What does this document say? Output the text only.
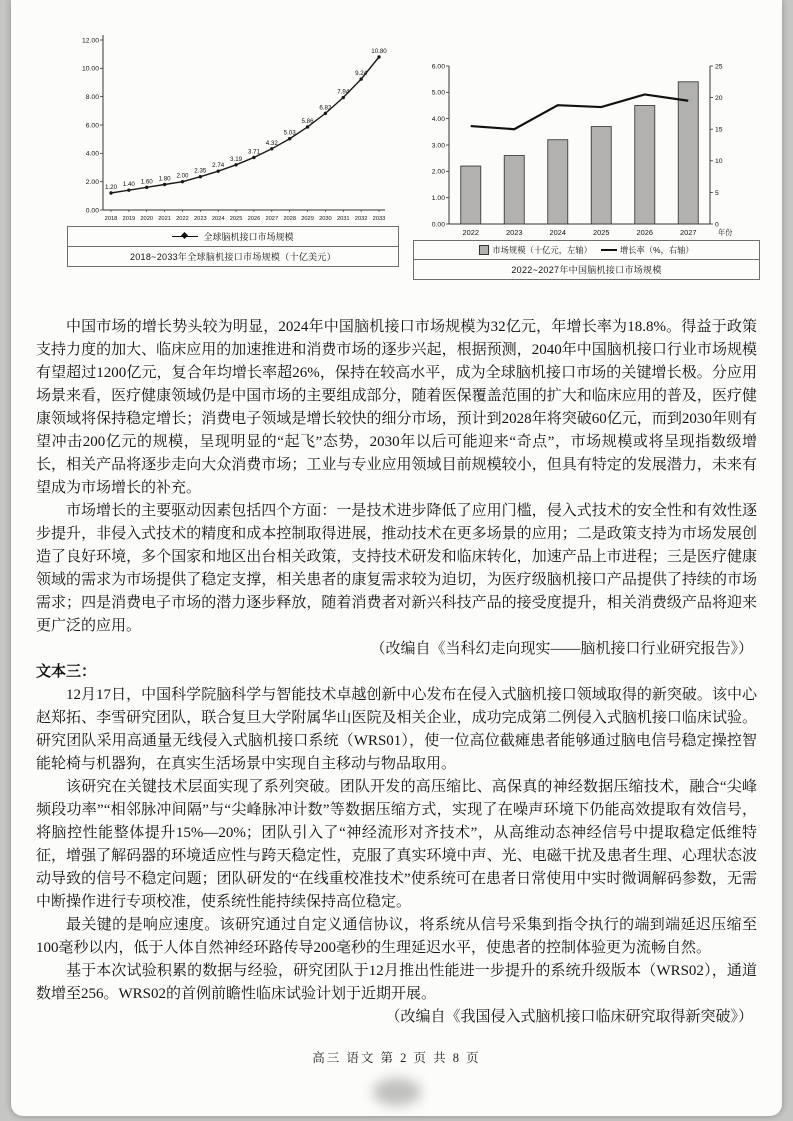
0.00
2.00
4.00
6.00
8.00
10.00
12.00
1.20
2018
1.40
2019
1.60
2020
1.80
2021
2.00
2022
2.35
2023
2.74
2024
3.19
2025
3.71
2026
4.32
2027
5.03
2028
5.86
2029
6.82
2030
7.94
2031
9.24
2032
10.80
2033
全球脑机接口市场规模
2018~2033年全球脑机接口市场规模（十亿美元）
0.00
1.00
2.00
3.00
4.00
5.00
6.00
0
5
10
15
20
25
2022	2023	2024	2025	2026	2027	年份
市场规模（十亿元，左轴）	增长率（%，右轴）
2022~2027年中国脑机接口市场规模

中国市场的增长势头较为明显，2024年中国脑机接口市场规模为32亿元，年增长率为18.8%。得益于政策支持力度的加大、临床应用的加速推进和消费市场的逐步兴起，根据预测，2040年中国脑机接口行业市场规模有望超过1200亿元，复合年均增长率超26%，保持在较高水平，成为全球脑机接口市场的关键增长极。分应用场景来看，医疗健康领域仍是中国市场的主要组成部分，随着医保覆盖范围的扩大和临床应用的普及，医疗健康领域将保持稳定增长；消费电子领域是增长较快的细分市场，预计到2028年将突破60亿元，而到2030年则有望冲击200亿元的规模，呈现明显的“起飞”态势，2030年以后可能迎来“奇点”，市场规模或将呈现指数级增长，相关产品将逐步走向大众消费市场；工业与专业应用领域目前规模较小，但具有特定的发展潜力，未来有望成为市场增长的补充。

市场增长的主要驱动因素包括四个方面：一是技术进步降低了应用门槛，侵入式技术的安全性和有效性逐步提升，非侵入式技术的精度和成本控制取得进展，推动技术在更多场景的应用；二是政策支持为市场发展创造了良好环境，多个国家和地区出台相关政策，支持技术研发和临床转化，加速产品上市进程；三是医疗健康领域的需求为市场提供了稳定支撑，相关患者的康复需求较为迫切，为医疗级脑机接口产品提供了持续的市场需求；四是消费电子市场的潜力逐步释放，随着消费者对新兴科技产品的接受度提升，相关消费级产品将迎来更广泛的应用。

（改编自《当科幻走向现实——脑机接口行业研究报告》）

文本三：

12月17日，中国科学院脑科学与智能技术卓越创新中心发布在侵入式脑机接口领域取得的新突破。该中心赵郑拓、李雪研究团队，联合复旦大学附属华山医院及相关企业，成功完成第二例侵入式脑机接口临床试验。研究团队采用高通量无线侵入式脑机接口系统（WRS01），使一位高位截瘫患者能够通过脑电信号稳定操控智能轮椅与机器狗，在真实生活场景中实现自主移动与物品取用。

该研究在关键技术层面实现了系列突破。团队开发的高压缩比、高保真的神经数据压缩技术，融合“尖峰频段功率”“相邻脉冲间隔”与“尖峰脉冲计数”等数据压缩方式，实现了在噪声环境下仍能高效提取有效信号，将脑控性能整体提升15%—20%；团队引入了“神经流形对齐技术”，从高维动态神经信号中提取稳定低维特征，增强了解码器的环境适应性与跨天稳定性，克服了真实环境中声、光、电磁干扰及患者生理、心理状态波动导致的信号不稳定问题；团队研发的“在线重校准技术”使系统可在患者日常使用中实时微调解码参数，无需中断操作进行专项校准，使系统性能持续保持高位稳定。

最关键的是响应速度。该研究通过自定义通信协议，将系统从信号采集到指令执行的端到端延迟压缩至100毫秒以内，低于人体自然神经环路传导200毫秒的生理延迟水平，使患者的控制体验更为流畅自然。

基于本次试验积累的数据与经验，研究团队于12月推出性能进一步提升的系统升级版本（WRS02），通道数增至256。WRS02的首例前瞻性临床试验计划于近期开展。

（改编自《我国侵入式脑机接口临床研究取得新突破》）

高三 语文 第 2 页 共 8 页
